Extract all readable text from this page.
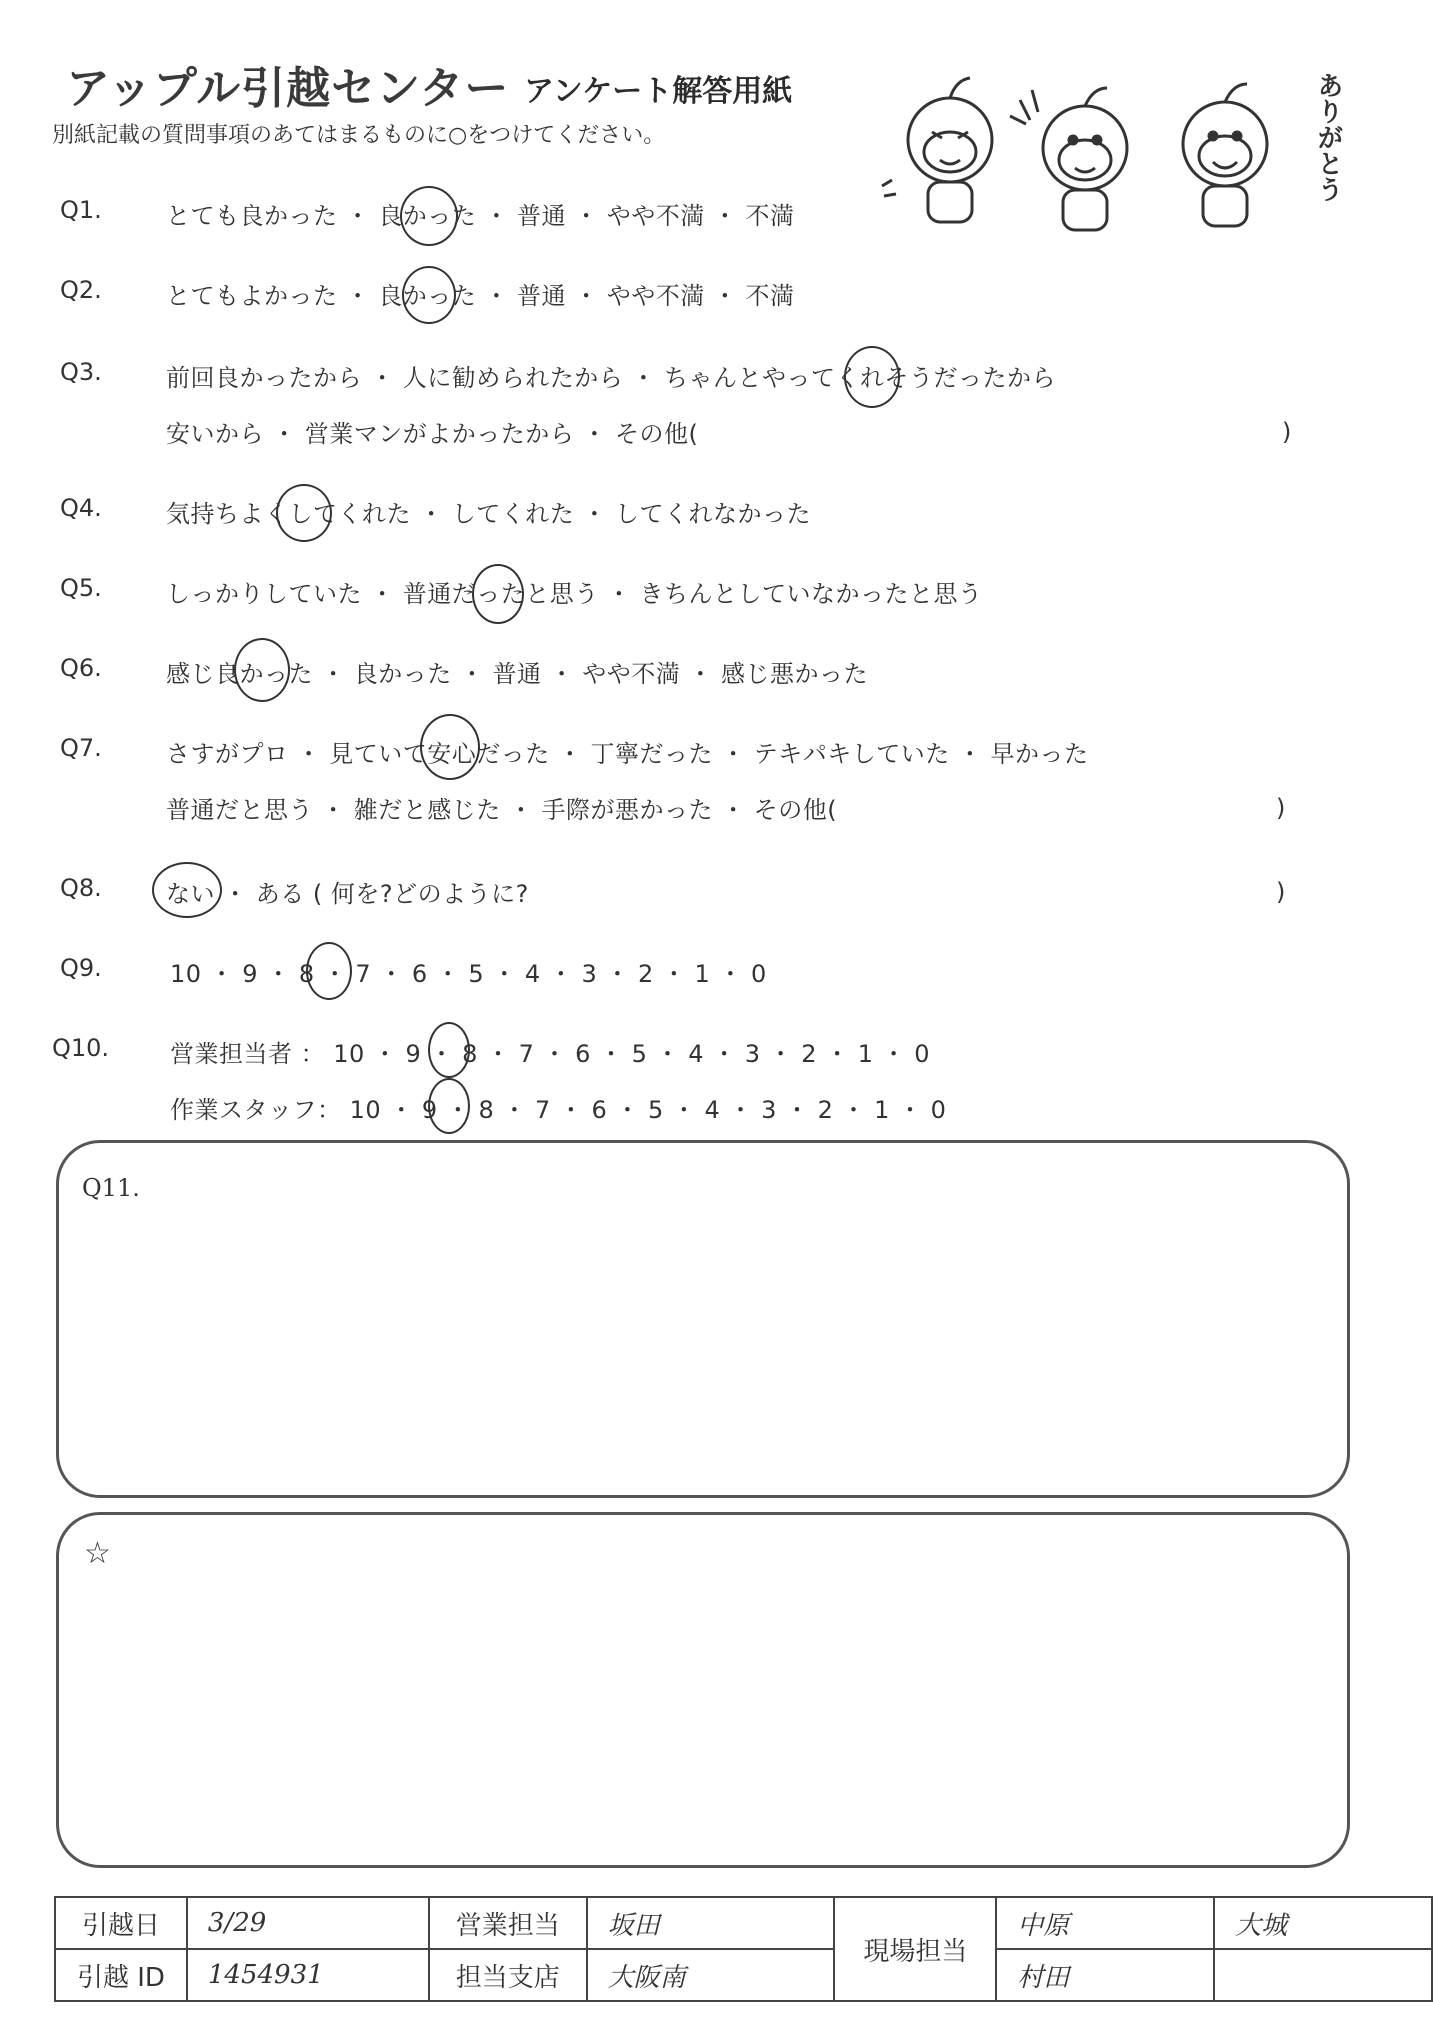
アップル引越センター アンケート解答用紙
別紙記載の質問事項のあてはまるものに○をつけてください。	ありがとう
Q1.	とても良かった ・ 良かった ・ 普通 ・ やや不満 ・ 不満
Q2.	とてもよかった ・ 良かった ・ 普通 ・ やや不満 ・ 不満
Q3.	前回良かったから ・ 人に勧められたから ・ ちゃんとやってくれそうだったから
安いから ・ 営業マンがよかったから ・ その他(	)
Q4.	気持ちよくしてくれた ・ してくれた ・ してくれなかった
Q5.	しっかりしていた ・ 普通だったと思う ・ きちんとしていなかったと思う
Q6.	感じ良かった ・ 良かった ・ 普通 ・ やや不満 ・ 感じ悪かった
Q7.	さすがプロ ・ 見ていて安心だった ・ 丁寧だった ・ テキパキしていた ・ 早かった
普通だと思う ・ 雑だと感じた ・ 手際が悪かった ・ その他(	)
Q8.	ない ・ ある ( 何を?どのように?	)
Q9.	10 ・ 9 ・ 8 ・ 7 ・ 6 ・ 5 ・ 4 ・ 3 ・ 2 ・ 1 ・ 0
Q10.	営業担当者 ： 10 ・ 9 ・ 8 ・ 7 ・ 6 ・ 5 ・ 4 ・ 3 ・ 2 ・ 1 ・ 0
作業スタッフ： 10 ・ 9 ・ 8 ・ 7 ・ 6 ・ 5 ・ 4 ・ 3 ・ 2 ・ 1 ・ 0
Q11.
☆
引越日	3/29	営業担当	坂田	現場担当	中原	大城
引越 ID	1454931	担当支店	大阪南		村田	
